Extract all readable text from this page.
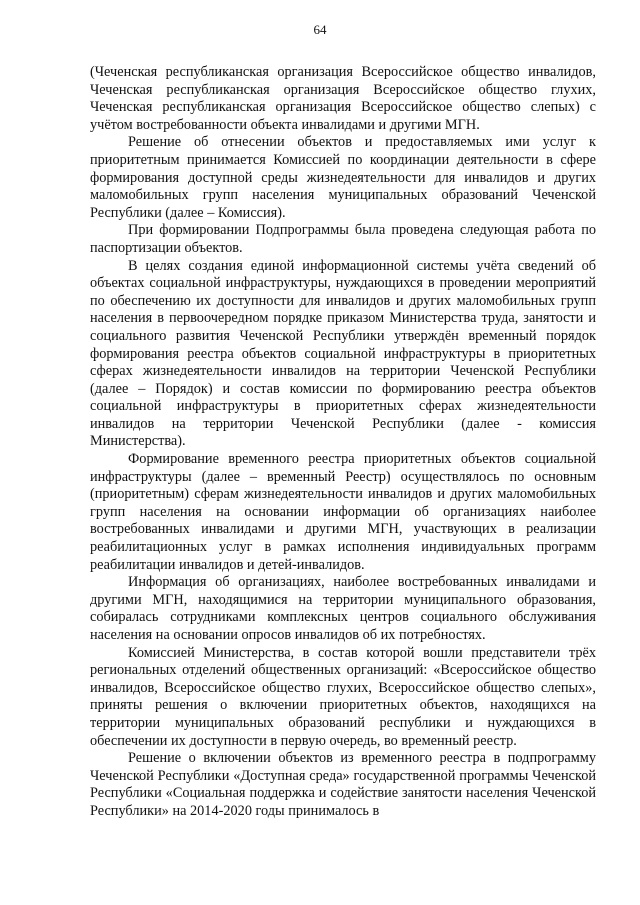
64

(Чеченская республиканская организация Всероссийское общество инвалидов, Чеченская республиканская организация Всероссийское общество глухих, Чеченская республиканская организация Всероссийское общество слепых) с учётом востребованности объекта инвалидами и другими МГН.

Решение об отнесении объектов и предоставляемых ими услуг к приоритетным принимается Комиссией по координации деятельности в сфере формирования доступной среды жизнедеятельности для инвалидов и других маломобильных групп населения муниципальных образований Чеченской Республики (далее – Комиссия).

При формировании Подпрограммы была проведена следующая работа по паспортизации объектов.

В целях создания единой информационной системы учёта сведений об объектах социальной инфраструктуры, нуждающихся в проведении мероприятий по обеспечению их доступности для инвалидов и других маломобильных групп населения в первоочередном порядке приказом Министерства труда, занятости и социального развития Чеченской Республики утверждён временный порядок формирования реестра объектов социальной инфраструктуры в приоритетных сферах жизнедеятельности инвалидов на территории Чеченской Республики (далее – Порядок) и состав комиссии по формированию реестра объектов социальной инфраструктуры в приоритетных сферах жизнедеятельности инвалидов на территории Чеченской Республики (далее - комиссия Министерства).

Формирование временного реестра приоритетных объектов социальной инфраструктуры (далее – временный Реестр) осуществлялось по основным (приоритетным) сферам жизнедеятельности инвалидов и других маломобильных групп населения на основании информации об организациях наиболее востребованных инвалидами и другими МГН, участвующих в реализации реабилитационных услуг в рамках исполнения индивидуальных программ реабилитации инвалидов и детей-инвалидов.

Информация об организациях, наиболее востребованных инвалидами и другими МГН, находящимися на территории муниципального образования, собиралась сотрудниками комплексных центров социального обслуживания населения на основании опросов инвалидов об их потребностях.

Комиссией Министерства, в состав которой вошли представители трёх региональных отделений общественных организаций: «Всероссийское общество инвалидов, Всероссийское общество глухих, Всероссийское общество слепых», приняты решения о включении приоритетных объектов, находящихся на территории муниципальных образований республики и нуждающихся в обеспечении их доступности в первую очередь, во временный реестр.

Решение о включении объектов из временного реестра в подпрограмму Чеченской Республики «Доступная среда» государственной программы Чеченской Республики «Социальная поддержка и содействие занятости населения Чеченской Республики» на 2014-2020 годы принималось в
